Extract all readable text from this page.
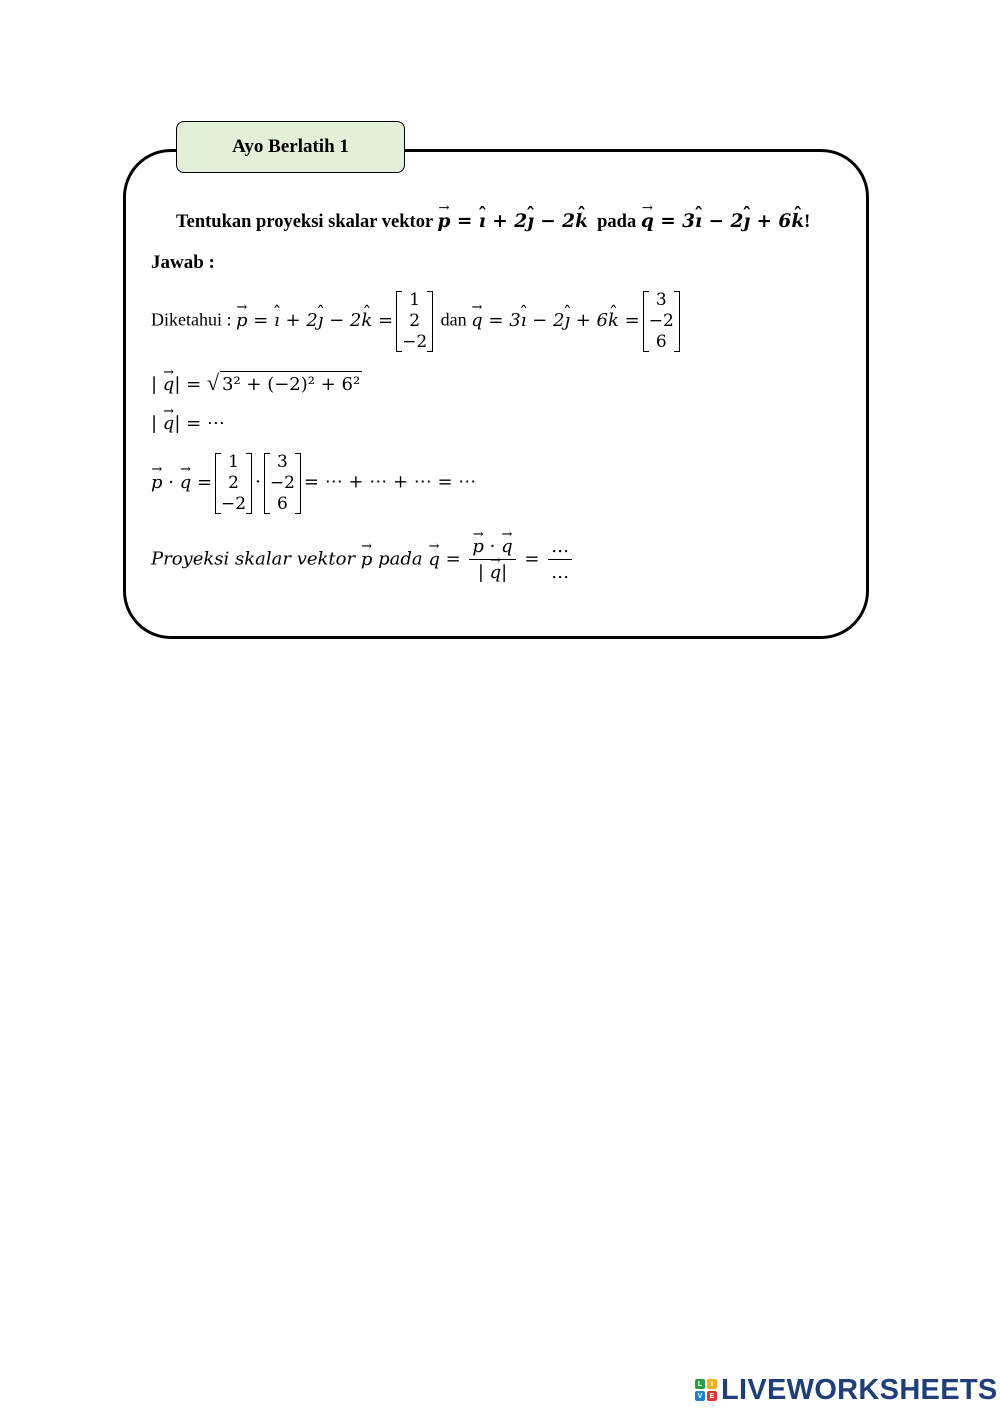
Ayo Berlatih 1
Tentukan proyeksi skalar vektor → p = ˆ ı + 2ˆ ȷ − 2ˆ k pada → q = 3ˆ ı − 2ˆ ȷ + 6ˆ k!
Jawab :
Diketahui : → p = ˆ ı + 2ˆ ȷ − 2ˆ k =
1
2
−2
dan → q = 3ˆ ı − 2ˆ ȷ + 6ˆ k =
3
−2
6
| → q| = √ 3² + (−2)² + 6²
| → q| = ⋯
→ p · → q =
1
2
−2
·
3
−2
6
= ⋯ + ⋯ + ⋯ = ⋯
Proyeksi skalar vektor → p pada → q = → $\frac{p \cdot \to q}{| \to q|} = \frac{\dots}{\dots}$
L	I
V	E LIVEWORKSHEETS
